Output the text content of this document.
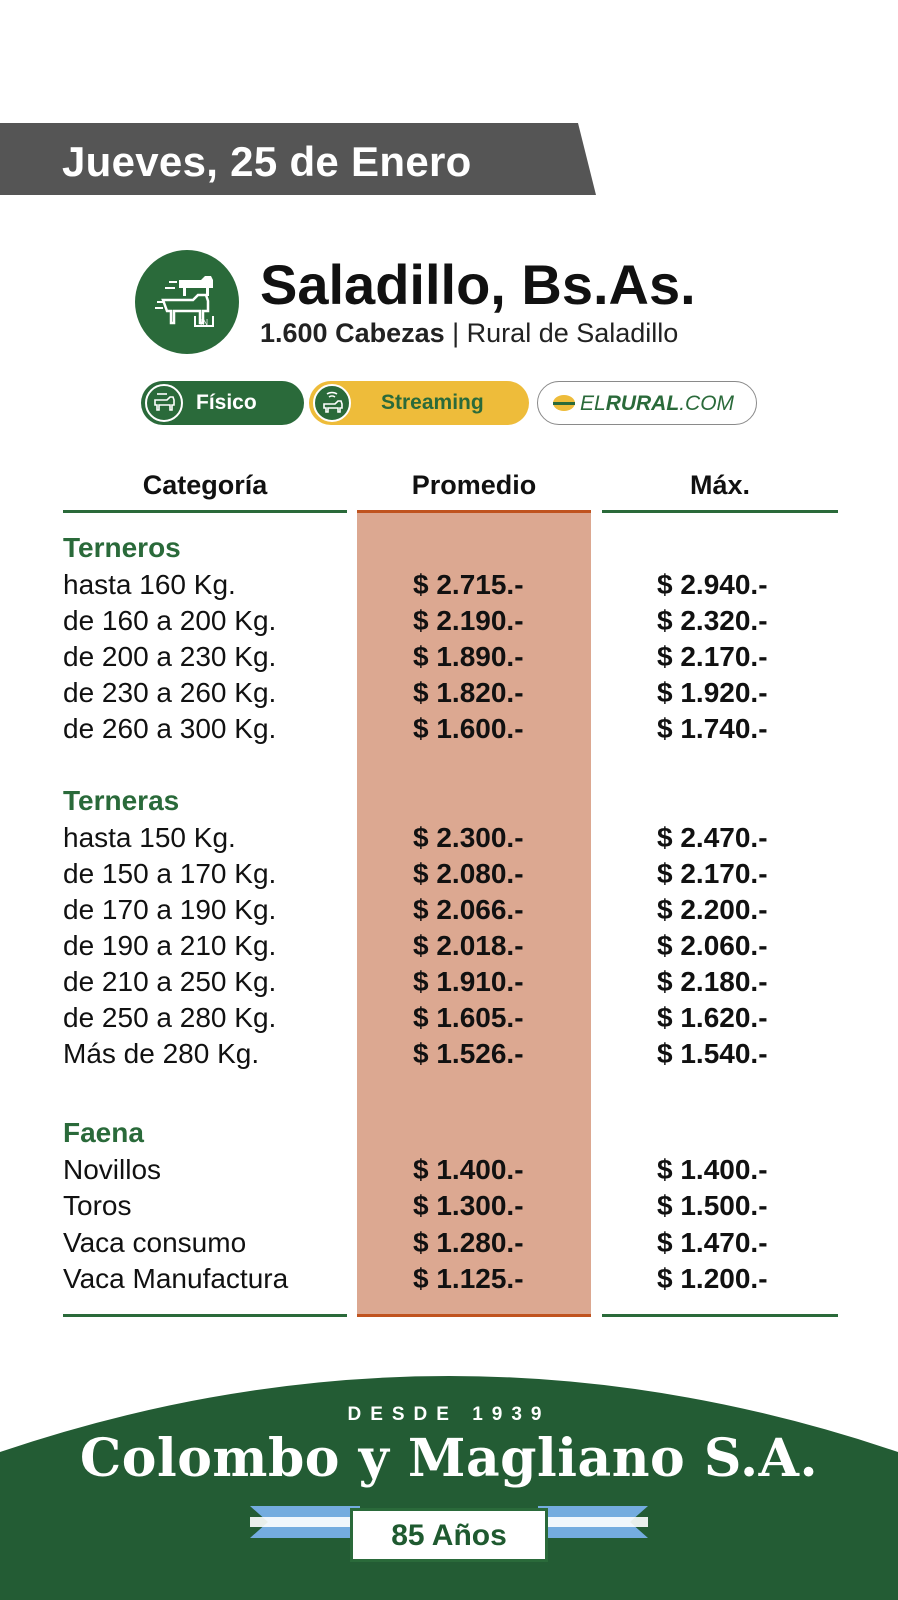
Jueves, 25 de Enero
IN
Saladillo, Bs.As.
1.600 Cabezas | Rural de Saladillo
Físico	Streaming	ELRURAL.COM
Categoría	Promedio	Máx.
Terneros
hasta 160 Kg.	$ 2.715.-	$ 2.940.-
de 160 a 200 Kg.	$ 2.190.-	$ 2.320.-
de 200 a 230 Kg.	$ 1.890.-	$ 2.170.-
de 230 a 260 Kg.	$ 1.820.-	$ 1.920.-
de 260 a 300 Kg.	$ 1.600.-	$ 1.740.-
Terneras
hasta 150 Kg.	$ 2.300.-	$ 2.470.-
de 150 a 170 Kg.	$ 2.080.-	$ 2.170.-
de 170 a 190 Kg.	$ 2.066.-	$ 2.200.-
de 190 a 210 Kg.	$ 2.018.-	$ 2.060.-
de 210 a 250 Kg.	$ 1.910.-	$ 2.180.-
de 250 a 280 Kg.	$ 1.605.-	$ 1.620.-
Más de 280 Kg.	$ 1.526.-	$ 1.540.-
Faena
Novillos	$ 1.400.-	$ 1.400.-
Toros	$ 1.300.-	$ 1.500.-
Vaca consumo	$ 1.280.-	$ 1.470.-
Vaca Manufactura	$ 1.125.-	$ 1.200.-
DESDE 1939
Colombo y Magliano S.A.
85 Años
